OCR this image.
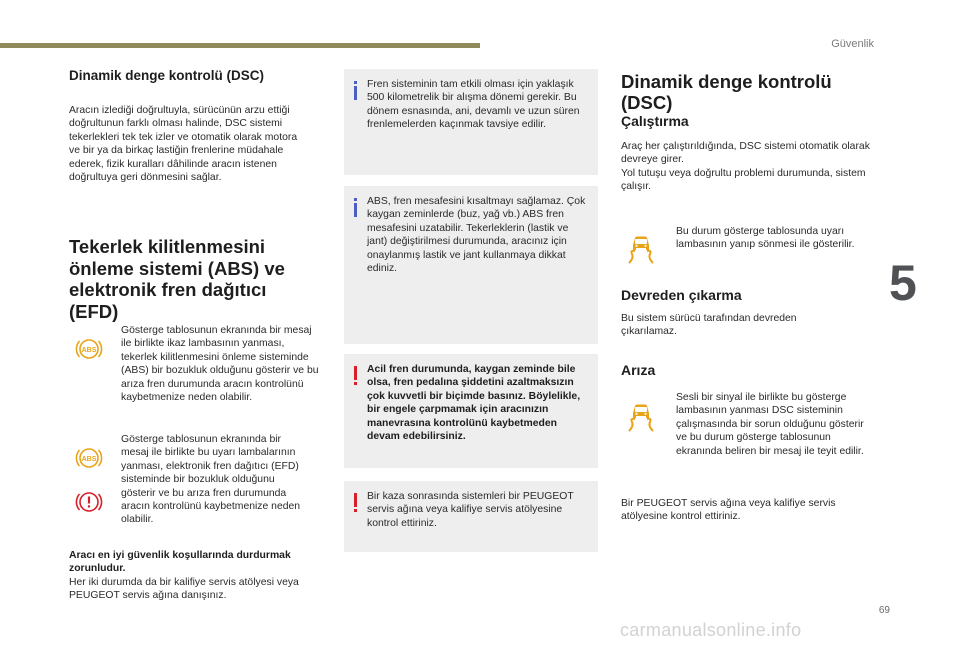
Güvenlik
5
69
carmanualsonline.info
Dinamik denge kontrolü (DSC)

Aracın izlediği doğrultuyla, sürücünün arzu ettiği doğrultunun farklı olması halinde, DSC sistemi tekerlekleri tek tek izler ve otomatik olarak motora ve bir ya da birkaç lastiğin frenlerine müdahale ederek, fizik kuralları dâhilinde aracın istenen doğrultuya geri dönmesini sağlar.

Tekerlek kilitlenmesini önleme sistemi (ABS) ve elektronik fren dağıtıcı (EFD)
ABS

Gösterge tablosunun ekranında bir mesaj ile birlikte ikaz lambasının yanması, tekerlek kilitlenmesini önleme sisteminde (ABS) bir bozukluk olduğunu gösterir ve bu arıza fren durumunda aracın kontrolünü kaybetmenize neden olabilir.

ABS

Gösterge tablosunun ekranında bir mesaj ile birlikte bu uyarı lambalarının yanması, elektronik fren dağıtıcı (EFD) sisteminde bir bozukluk olduğunu gösterir ve bu arıza fren durumunda aracın kontrolünü kaybetmenize neden olabilir.

Aracı en iyi güvenlik koşullarında durdurmak zorunludur.
Her iki durumda da bir kalifiye servis atölyesi veya PEUGEOT servis ağına danışınız.

Fren sisteminin tam etkili olması için yaklaşık 500 kilometrelik bir alışma dönemi gerekir. Bu dönem esnasında, ani, devamlı ve uzun süren frenlemelerden kaçınmak tavsiye edilir.
ABS, fren mesafesini kısaltmayı sağlamaz. Çok kaygan zeminlerde (buz, yağ vb.) ABS fren mesafesini uzatabilir. Tekerleklerin (lastik ve jant) değiştirilmesi durumunda, aracınız için onaylanmış lastik ve jant kullanmaya dikkat ediniz.
Acil fren durumunda, kaygan zeminde bile olsa, fren pedalına şiddetini azaltmaksızın çok kuvvetli bir biçimde basınız. Böylelikle, bir engele çarpmamak için aracınızın manevrasına kontrolünü kaybetmeden devam edebilirsiniz.
Bir kaza sonrasında sistemleri bir PEUGEOT servis ağına veya kalifiye servis atölyesine kontrol ettiriniz.
Dinamik denge kontrolü (DSC)
Çalıştırma

Araç her çalıştırıldığında, DSC sistemi otomatik olarak devreye girer.

Yol tutuşu veya doğrultu problemi durumunda, sistem çalışır.

Bu durum gösterge tablosunda uyarı lambasının yanıp sönmesi ile gösterilir.

Devreden çıkarma

Bu sistem sürücü tarafından devreden çıkarılamaz.

Arıza

Sesli bir sinyal ile birlikte bu gösterge lambasının yanması DSC sisteminin çalışmasında bir sorun olduğunu gösterir ve bu durum gösterge tablosunun ekranında beliren bir mesaj ile teyit edilir.

Bir PEUGEOT servis ağına veya kalifiye servis atölyesine kontrol ettiriniz.
